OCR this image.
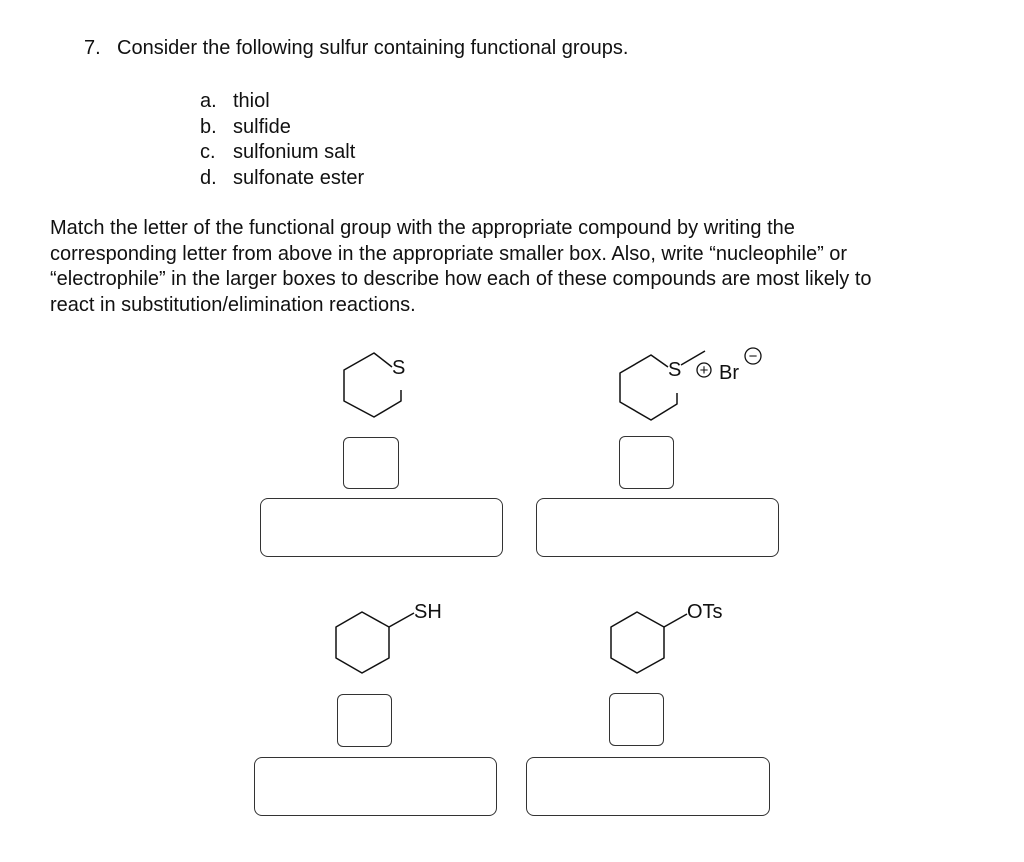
7. Consider the following sulfur containing functional groups.
a. thiol
b. sulfide
c. sulfonium salt
d. sulfonate ester

Match the letter of the functional group with the appropriate compound by writing the

corresponding letter from above in the appropriate smaller box. Also, write “nucleophile” or

“electrophile” in the larger boxes to describe how each of these compounds are most likely to

react in substitution/elimination reactions.

S	S + Br
−
SH	OTs
